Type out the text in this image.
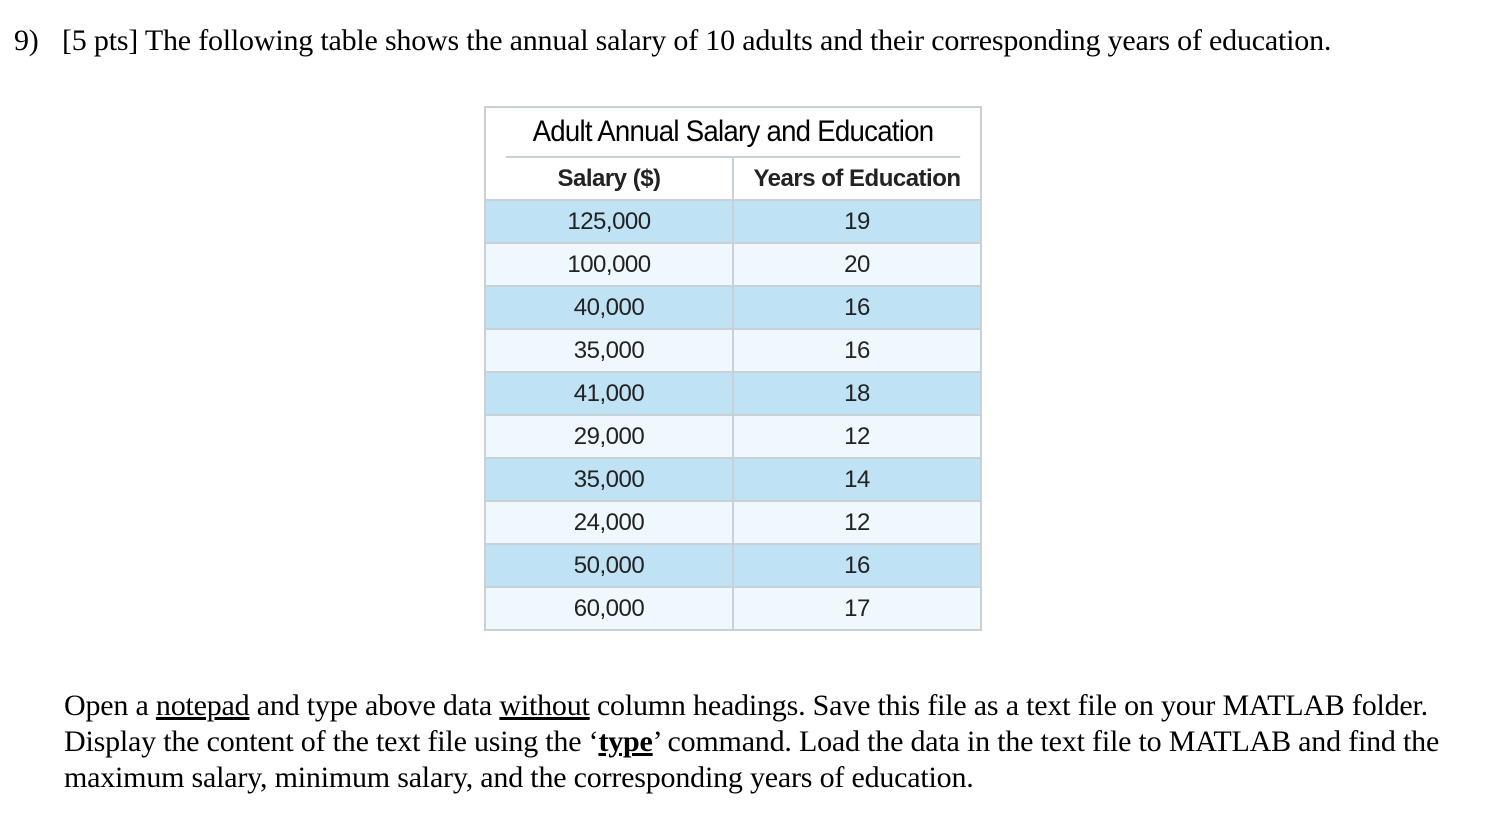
9) [5 pts] The following table shows the annual salary of 10 adults and their corresponding years of education.
Adult Annual Salary and Education
Salary ($)	Years of Education
125,000	19
100,000	20
40,000	16
35,000	16
41,000	18
29,000	12
35,000	14
24,000	12
50,000	16
60,000	17
Open a notepad and type above data without column headings. Save this file as a text file on your MATLAB folder. Display the content of the text file using the ‘type’ command. Load the data in the text file to MATLAB and find the maximum salary, minimum salary, and the corresponding years of education.
